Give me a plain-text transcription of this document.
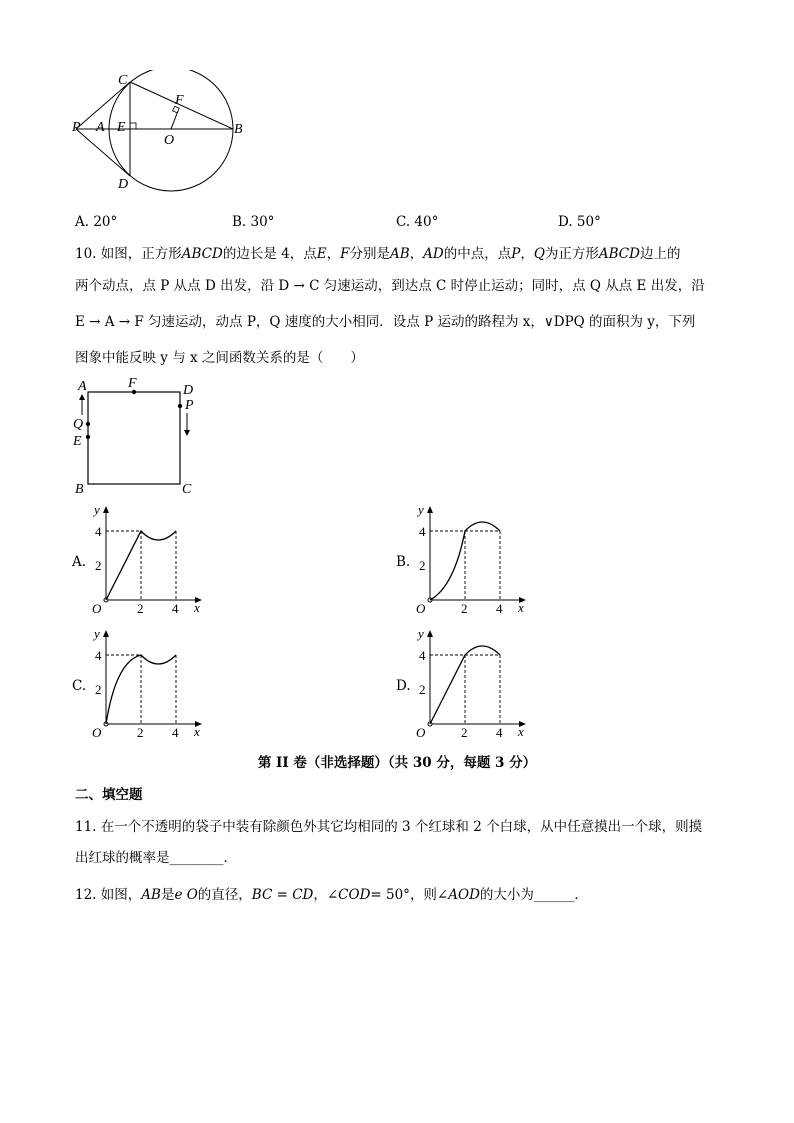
C
F
P A E
O
B
D
A. 20°	B. 30°	C. 40°	D. 50°
10. 如图，正方形ABCD的边长是 4，点E，F分别是AB，AD的中点，点P，Q为正方形ABCD边上的
两个动点，点 P 从点 D 出发，沿 D → C 匀速运动，到达点 C 时停止运动；同时，点 Q 从点 E 出发，沿
E → A → F 匀速运动，动点 P，Q 速度的大小相同．设点 P 运动的路程为 x，∨DPQ 的面积为 y，下列
图象中能反映 y 与 x 之间函数关系的是（　　）
A	F	D
P
Q
E
B	C
A.
y
4
2
O	2 4 x
B.
y
4
2
O	2 4 x
C.
y
4
2
O	2 4 x
D.
y
4
2
O	2 4 x
第 II 卷（非选择题）（共 30 分，每题 3 分）
二、填空题
11. 在一个不透明的袋子中装有除颜色外其它均相同的 3 个红球和 2 个白球，从中任意摸出一个球，则摸
出红球的概率是________．
12. 如图，AB是e O的直径，BC = CD，∠COD= 50°，则∠AOD的大小为______．
